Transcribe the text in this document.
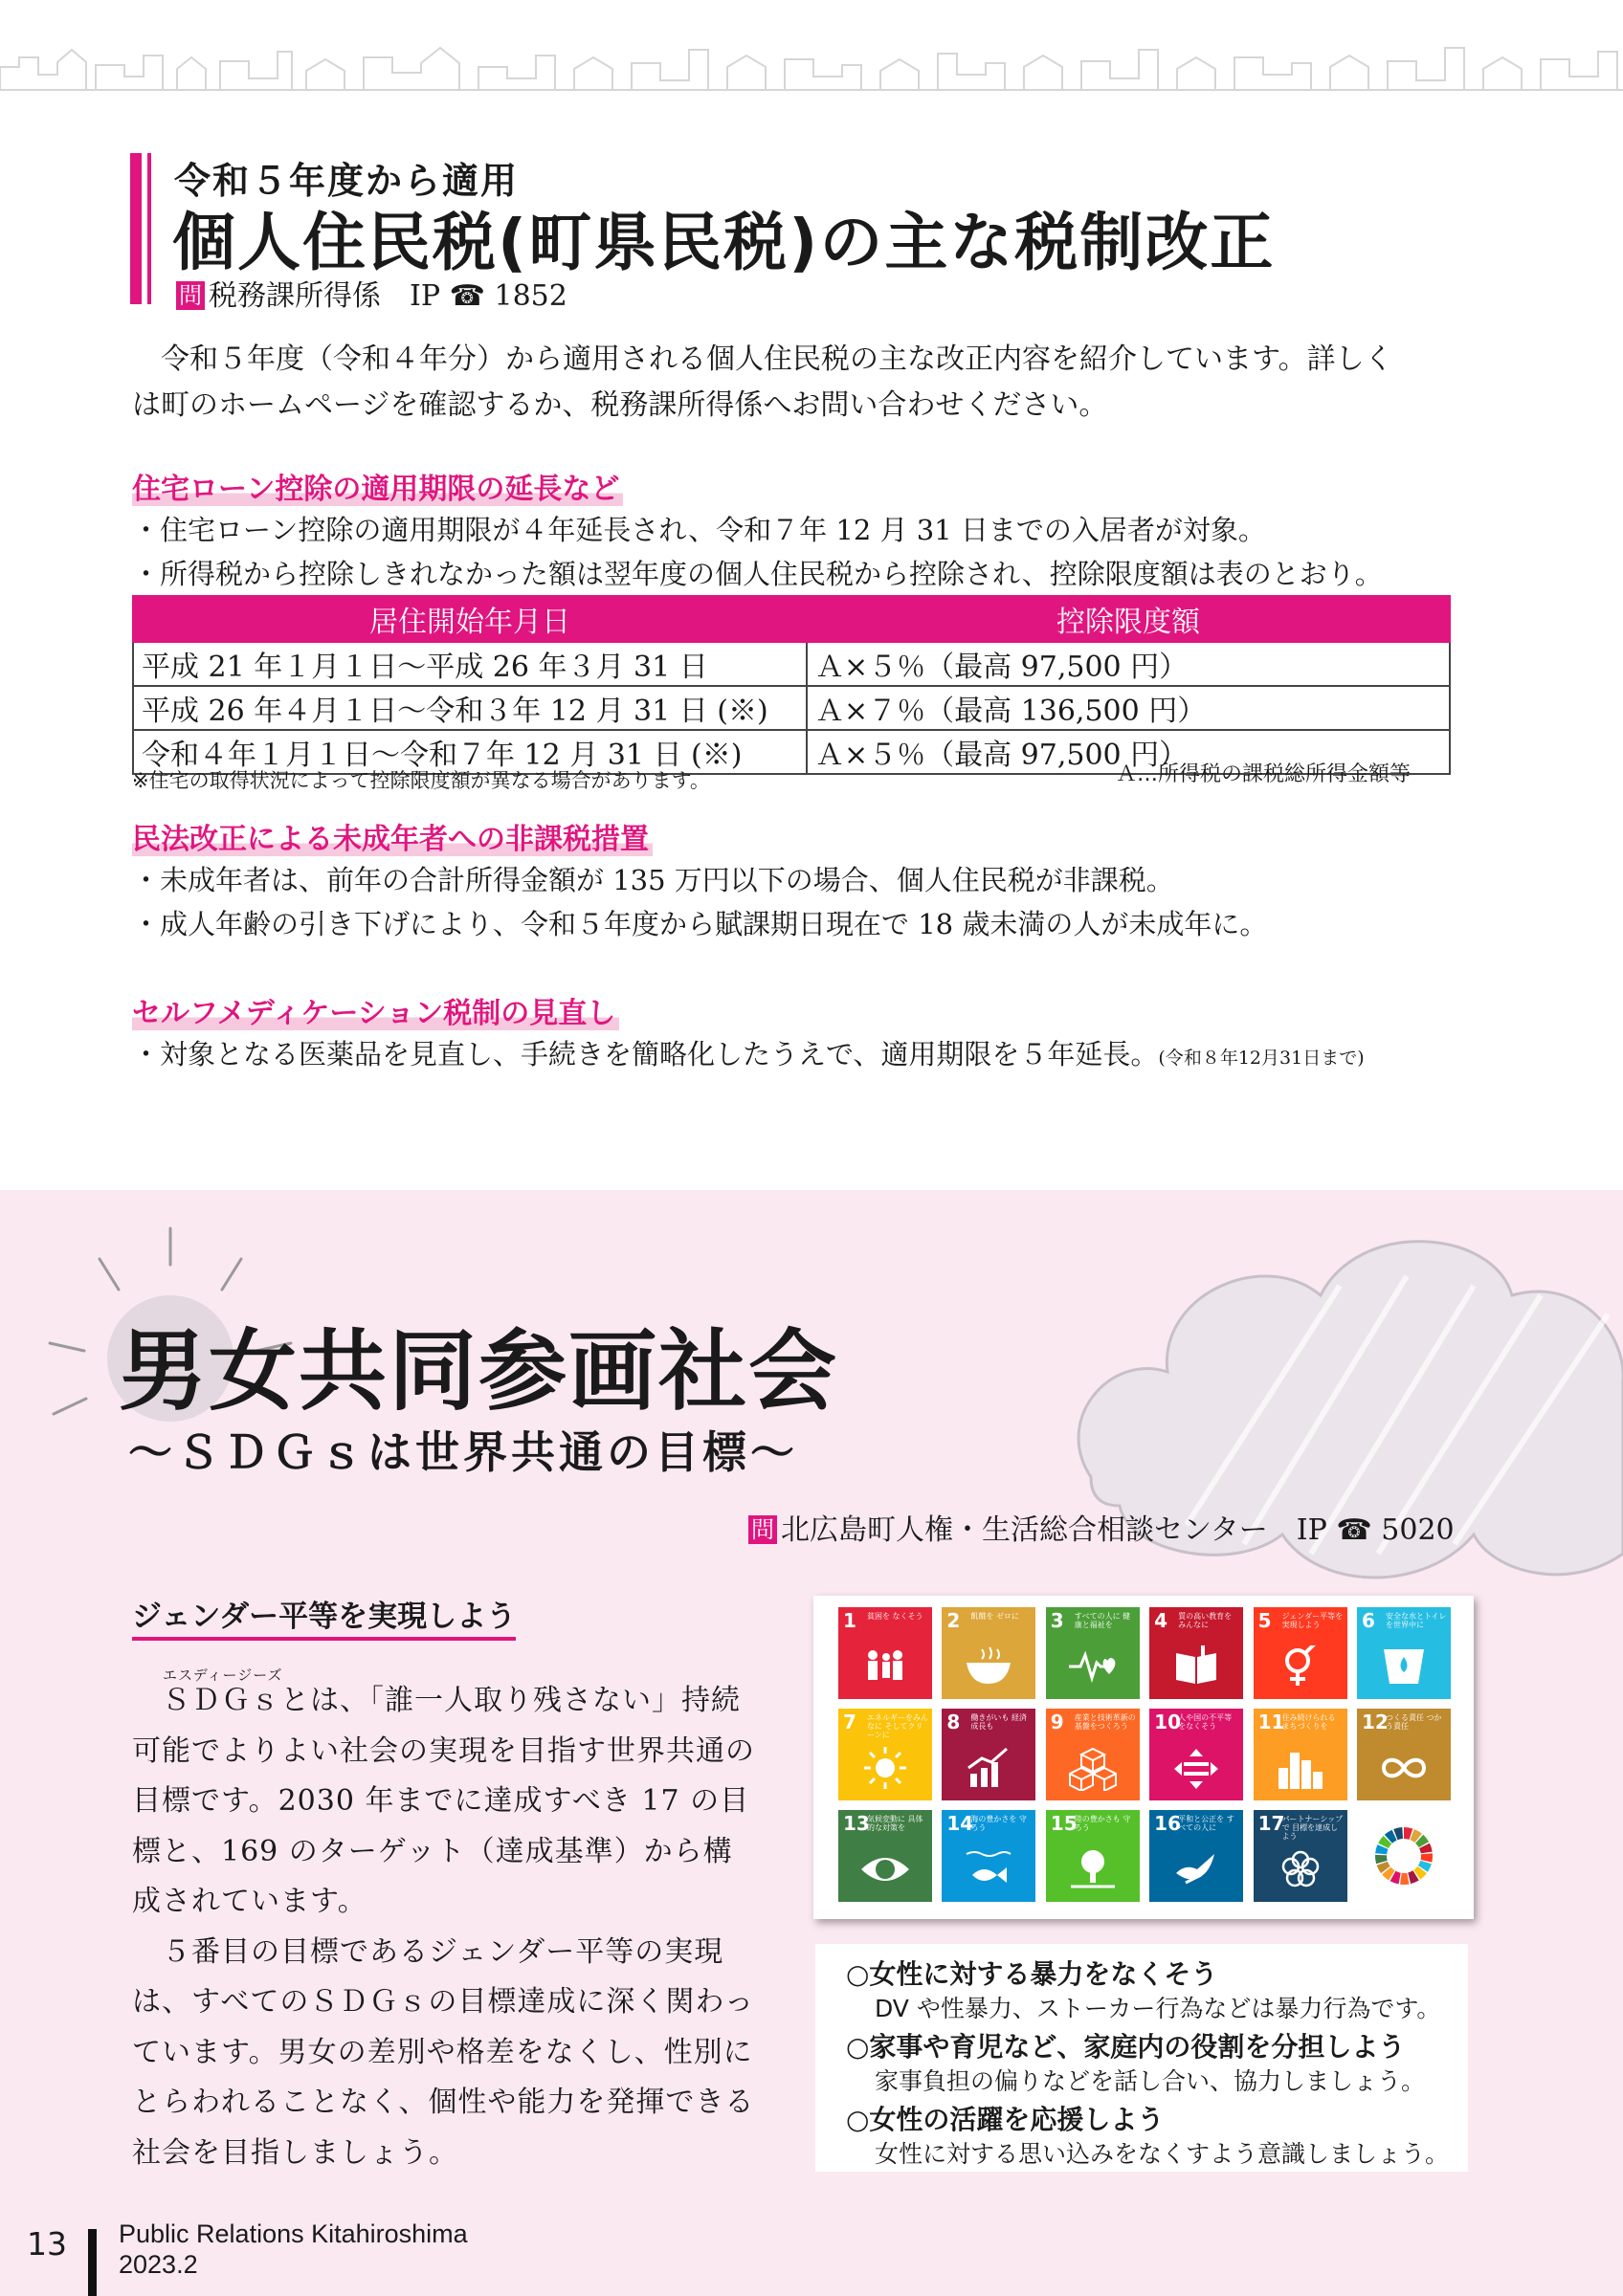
令和５年度から適用
個人住民税(町県民税)の主な税制改正
問 税務課所得係　IP ☎ 1852
令和５年度（令和４年分）から適用される個人住民税の主な改正内容を紹介しています。詳しく
は町のホームページを確認するか、税務課所得係へお問い合わせください。
住宅ローン控除の適用期限の延長など
・住宅ローン控除の適用期限が４年延長され、令和７年 12 月 31 日までの入居者が対象。
・所得税から控除しきれなかった額は翌年度の個人住民税から控除され、控除限度額は表のとおり。
居住開始年月日	控除限度額
平成 21 年１月１日～平成 26 年３月 31 日	Ａ×５％（最高 97,500 円）
平成 26 年４月１日～令和３年 12 月 31 日 (※)	Ａ×７％（最高 136,500 円）
令和４年１月１日～令和７年 12 月 31 日 (※)	Ａ×５％（最高 97,500 円）
※住宅の取得状況によって控除限度額が異なる場合があります。	Ａ…所得税の課税総所得金額等
民法改正による未成年者への非課税措置
・未成年者は、前年の合計所得金額が 135 万円以下の場合、個人住民税が非課税。
・成人年齢の引き下げにより、令和５年度から賦課期日現在で 18 歳未満の人が未成年に。
セルフメディケーション税制の見直し
・対象となる医薬品を見直し、手続きを簡略化したうえで、適用期限を５年延長。(令和８年12月31日まで)
男女共同参画社会
～ＳＤＧｓは世界共通の目標～
問 北広島町人権・生活総合相談センター　IP ☎ 5020
ジェンダー平等を実現しよう
エスディージーズ
　ＳＤＧｓとは、「誰一人取り残さない」持続
可能でよりよい社会の実現を目指す世界共通の
目標です。2030 年までに達成すべき 17 の目
標と、169 のターゲット（達成基準）から構
成されています。
　５番目の目標であるジェンダー平等の実現
は、すべてのＳＤＧｓの目標達成に深く関わっ
ています。男女の差別や格差をなくし、性別に
とらわれることなく、個性や能力を発揮できる
社会を目指しましょう。
1 貧困を なくそう 2 飢餓を ゼロに	3 すべての人に 健康と福祉を	4 質の高い教育を みんなに	5 ジェンダー平等を 実現しよう	6 安全な水とトイレ を世界中に
7 エネルギーをみんなに そしてクリーンに
8 働きがいも 経済成長も	9 産業と技術革新の 基盤をつくろう	10
人や国の不平等 をなくそう	11
住み続けられる まちづくりを	12
つくる責任 つかう責任
13
気候変動に 具体的な対策を	14
海の豊かさを 守ろう	15
陸の豊かさも 守ろう	16
平和と公正を すべての人に	17
パートナーシップで 目標を達成しよう
○女性に対する暴力をなくそう
DV や性暴力、ストーカー行為などは暴力行為です。
○家事や育児など、家庭内の役割を分担しよう
家事負担の偏りなどを話し合い、協力しましょう。
○女性の活躍を応援しよう
女性に対する思い込みをなくすよう意識しましょう。
13 Public Relations Kitahiroshima
2023.2
